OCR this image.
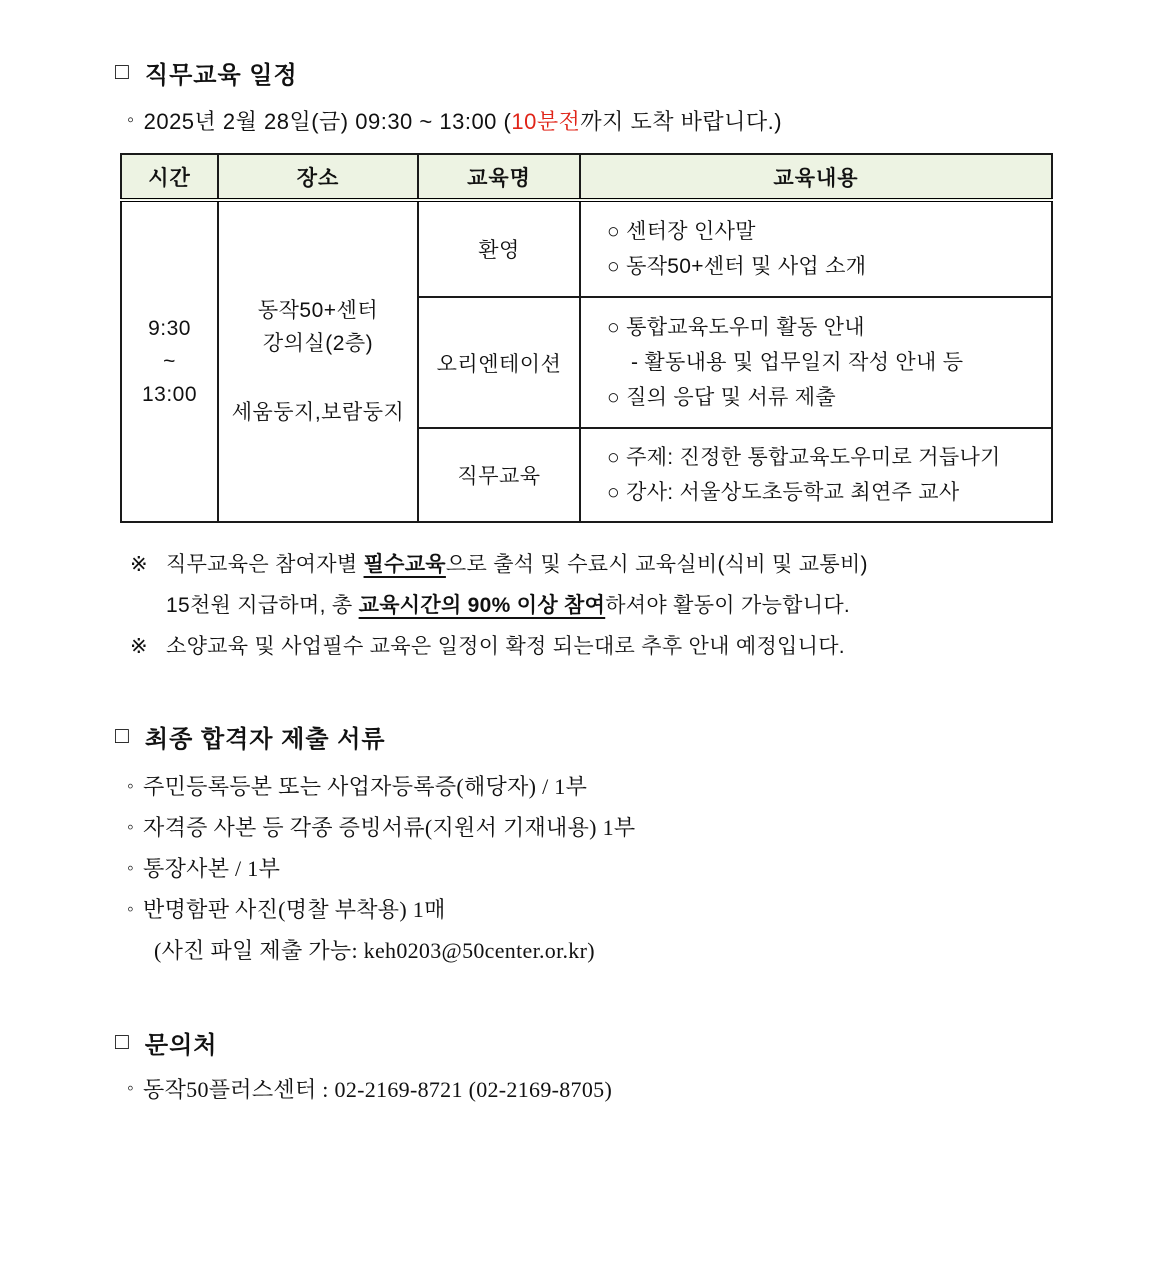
□ 직무교육 일정
◦ 2025년 2월 28일(금) 09:30 ~ 13:00 (10분전까지 도착 바랍니다.)
시간	장소	교육명	교육내용

9:30
~
13:00

동작50+센터
강의실(2층)
세움둥지,보람둥지
	환영	
○ 센터장 인사말
○ 동작50+센터 및 사업 소개

		오리엔테이션	○ 통합교육도우미 활동 안내
- 활동내용 및 업무일지 작성 안내 등
○ 질의 응답 및 서류 제출

		직무교육	○ 주제: 진정한 통합교육도우미로 거듭나기
○ 강사: 서울상도초등학교 최연주 교사
※ 직무교육은 참여자별 필수교육으로 출석 및 수료시 교육실비(식비 및 교통비)
15천원 지급하며, 총 교육시간의 90% 이상 참여하셔야 활동이 가능합니다.
※ 소양교육 및 사업필수 교육은 일정이 확정 되는대로 추후 안내 예정입니다.
□ 최종 합격자 제출 서류
◦ 주민등록등본 또는 사업자등록증(해당자) / 1부
◦ 자격증 사본 등 각종 증빙서류(지원서 기재내용) 1부
◦ 통장사본 / 1부
◦ 반명함판 사진(명찰 부착용) 1매
(사진 파일 제출 가능: keh0203@50center.or.kr)
□ 문의처
◦ 동작50플러스센터 : 02-2169-8721 (02-2169-8705)
